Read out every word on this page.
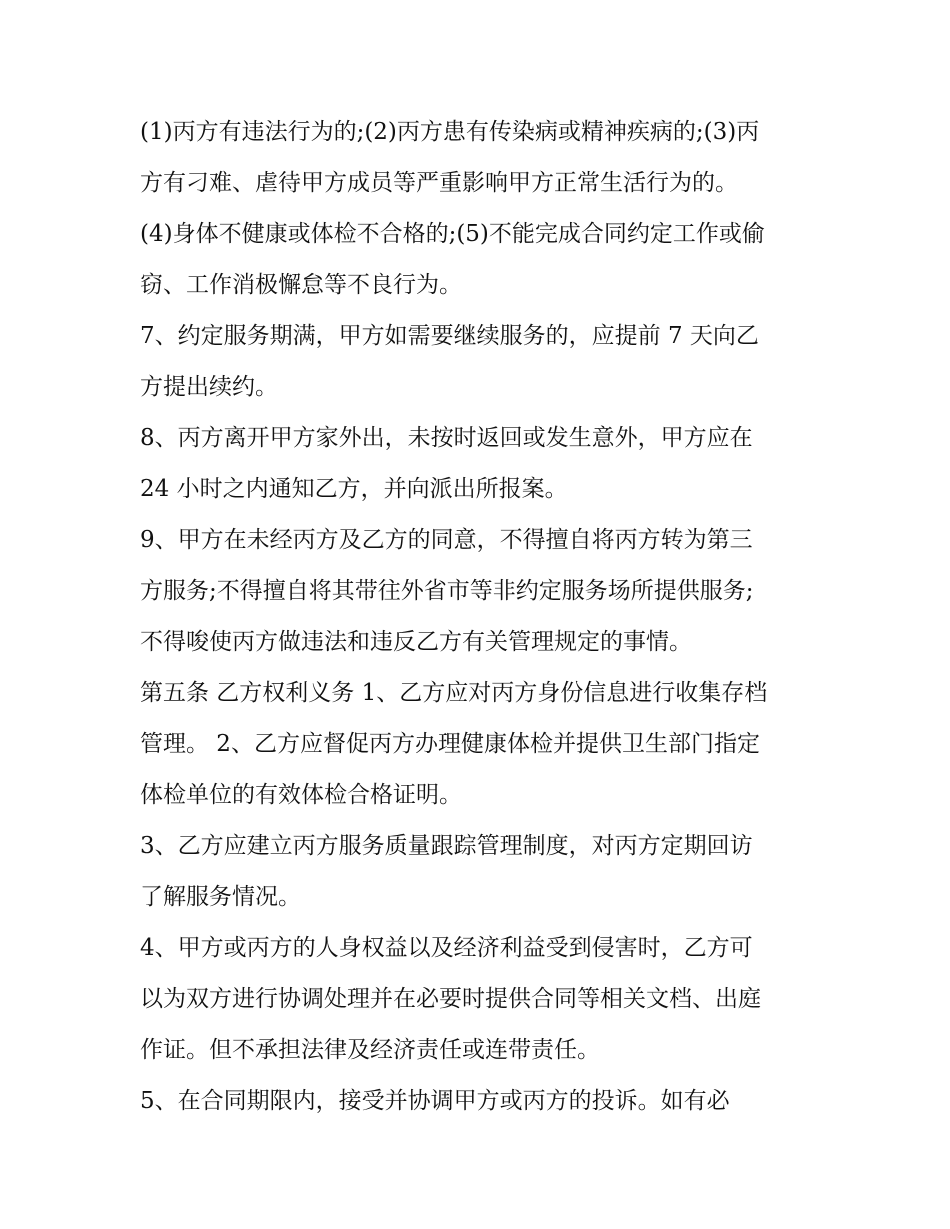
(1)丙方有违法行为的;(2)丙方患有传染病或精神疾病的;(3)丙
方有刁难、虐待甲方成员等严重影响甲方正常生活行为的。
(4)身体不健康或体检不合格的;(5)不能完成合同约定工作或偷
窃、工作消极懈怠等不良行为。
7、约定服务期满，甲方如需要继续服务的，应提前 7 天向乙
方提出续约。
8、丙方离开甲方家外出，未按时返回或发生意外，甲方应在
24 小时之内通知乙方，并向派出所报案。
9、甲方在未经丙方及乙方的同意，不得擅自将丙方转为第三
方服务;不得擅自将其带往外省市等非约定服务场所提供服务;
不得唆使丙方做违法和违反乙方有关管理规定的事情。
第五条 乙方权利义务 1、乙方应对丙方身份信息进行收集存档
管理。 2、乙方应督促丙方办理健康体检并提供卫生部门指定
体检单位的有效体检合格证明。
3、乙方应建立丙方服务质量跟踪管理制度，对丙方定期回访
了解服务情况。
4、甲方或丙方的人身权益以及经济利益受到侵害时，乙方可
以为双方进行协调处理并在必要时提供合同等相关文档、出庭
作证。但不承担法律及经济责任或连带责任。
5、在合同期限内，接受并协调甲方或丙方的投诉。如有必
